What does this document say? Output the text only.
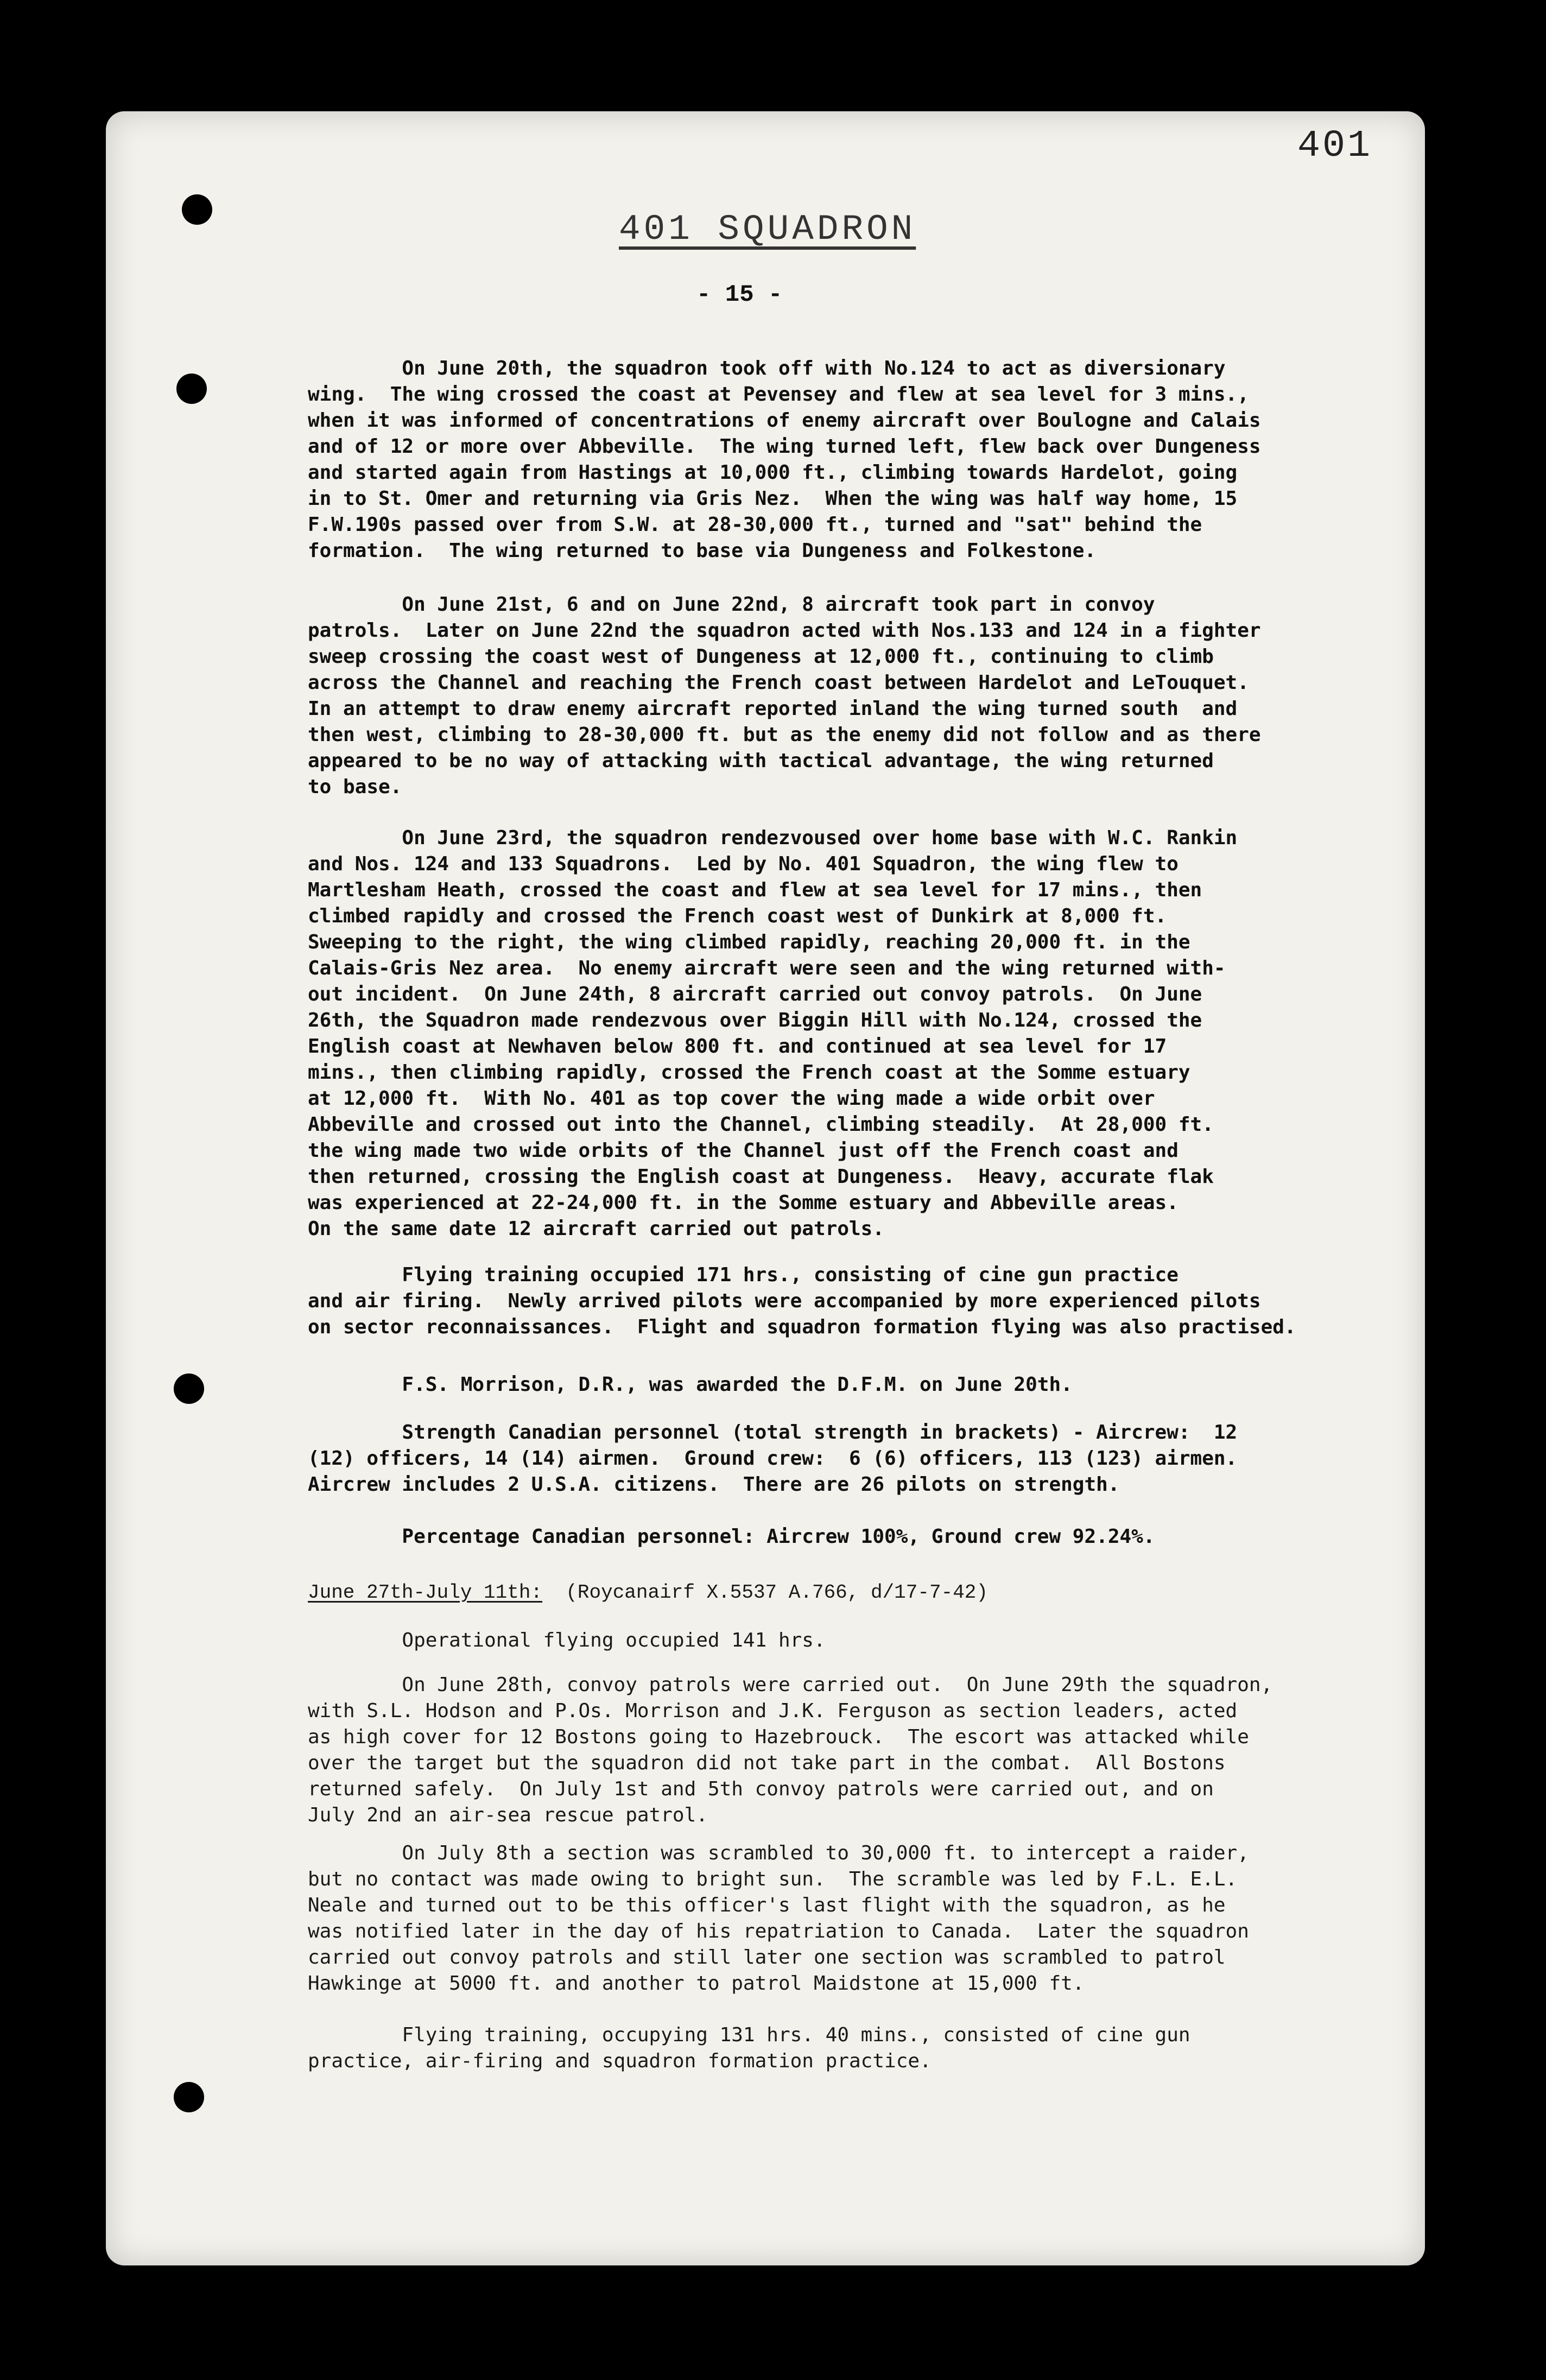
401
401 SQUADRON
- 15 -
On June 20th, the squadron took off with No.124 to act as diversionary
wing.  The wing crossed the coast at Pevensey and flew at sea level for 3 mins.,
when it was informed of concentrations of enemy aircraft over Boulogne and Calais
and of 12 or more over Abbeville.  The wing turned left, flew back over Dungeness
and started again from Hastings at 10,000 ft., climbing towards Hardelot, going
in to St. Omer and returning via Gris Nez.  When the wing was half way home, 15
F.W.190s passed over from S.W. at 28-30,000 ft., turned and "sat" behind the
formation.  The wing returned to base via Dungeness and Folkestone.
On June 21st, 6 and on June 22nd, 8 aircraft took part in convoy
patrols.  Later on June 22nd the squadron acted with Nos.133 and 124 in a fighter
sweep crossing the coast west of Dungeness at 12,000 ft., continuing to climb
across the Channel and reaching the French coast between Hardelot and LeTouquet.
In an attempt to draw enemy aircraft reported inland the wing turned south  and
then west, climbing to 28-30,000 ft. but as the enemy did not follow and as there
appeared to be no way of attacking with tactical advantage, the wing returned
to base.
On June 23rd, the squadron rendezvoused over home base with W.C. Rankin
and Nos. 124 and 133 Squadrons.  Led by No. 401 Squadron, the wing flew to
Martlesham Heath, crossed the coast and flew at sea level for 17 mins., then
climbed rapidly and crossed the French coast west of Dunkirk at 8,000 ft.
Sweeping to the right, the wing climbed rapidly, reaching 20,000 ft. in the
Calais-Gris Nez area.  No enemy aircraft were seen and the wing returned with-
out incident.  On June 24th, 8 aircraft carried out convoy patrols.  On June
26th, the Squadron made rendezvous over Biggin Hill with No.124, crossed the
English coast at Newhaven below 800 ft. and continued at sea level for 17
mins., then climbing rapidly, crossed the French coast at the Somme estuary
at 12,000 ft.  With No. 401 as top cover the wing made a wide orbit over
Abbeville and crossed out into the Channel, climbing steadily.  At 28,000 ft.
the wing made two wide orbits of the Channel just off the French coast and
then returned, crossing the English coast at Dungeness.  Heavy, accurate flak
was experienced at 22-24,000 ft. in the Somme estuary and Abbeville areas.
On the same date 12 aircraft carried out patrols.
Flying training occupied 171 hrs., consisting of cine gun practice
and air firing.  Newly arrived pilots were accompanied by more experienced pilots
on sector reconnaissances.  Flight and squadron formation flying was also practised.
F.S. Morrison, D.R., was awarded the D.F.M. on June 20th.
Strength Canadian personnel (total strength in brackets) - Aircrew:  12
(12) officers, 14 (14) airmen.  Ground crew:  6 (6) officers, 113 (123) airmen.
Aircrew includes 2 U.S.A. citizens.  There are 26 pilots on strength.
Percentage Canadian personnel: Aircrew 100%, Ground crew 92.24%.
June 27th-July 11th:  (Roycanairf X.5537 A.766, d/17-7-42)
Operational flying occupied 141 hrs.
On June 28th, convoy patrols were carried out.  On June 29th the squadron,
with S.L. Hodson and P.Os. Morrison and J.K. Ferguson as section leaders, acted
as high cover for 12 Bostons going to Hazebrouck.  The escort was attacked while
over the target but the squadron did not take part in the combat.  All Bostons
returned safely.  On July 1st and 5th convoy patrols were carried out, and on
July 2nd an air-sea rescue patrol.
On July 8th a section was scrambled to 30,000 ft. to intercept a raider,
but no contact was made owing to bright sun.  The scramble was led by F.L. E.L.
Neale and turned out to be this officer's last flight with the squadron, as he
was notified later in the day of his repatriation to Canada.  Later the squadron
carried out convoy patrols and still later one section was scrambled to patrol
Hawkinge at 5000 ft. and another to patrol Maidstone at 15,000 ft.
Flying training, occupying 131 hrs. 40 mins., consisted of cine gun
practice, air-firing and squadron formation practice.
